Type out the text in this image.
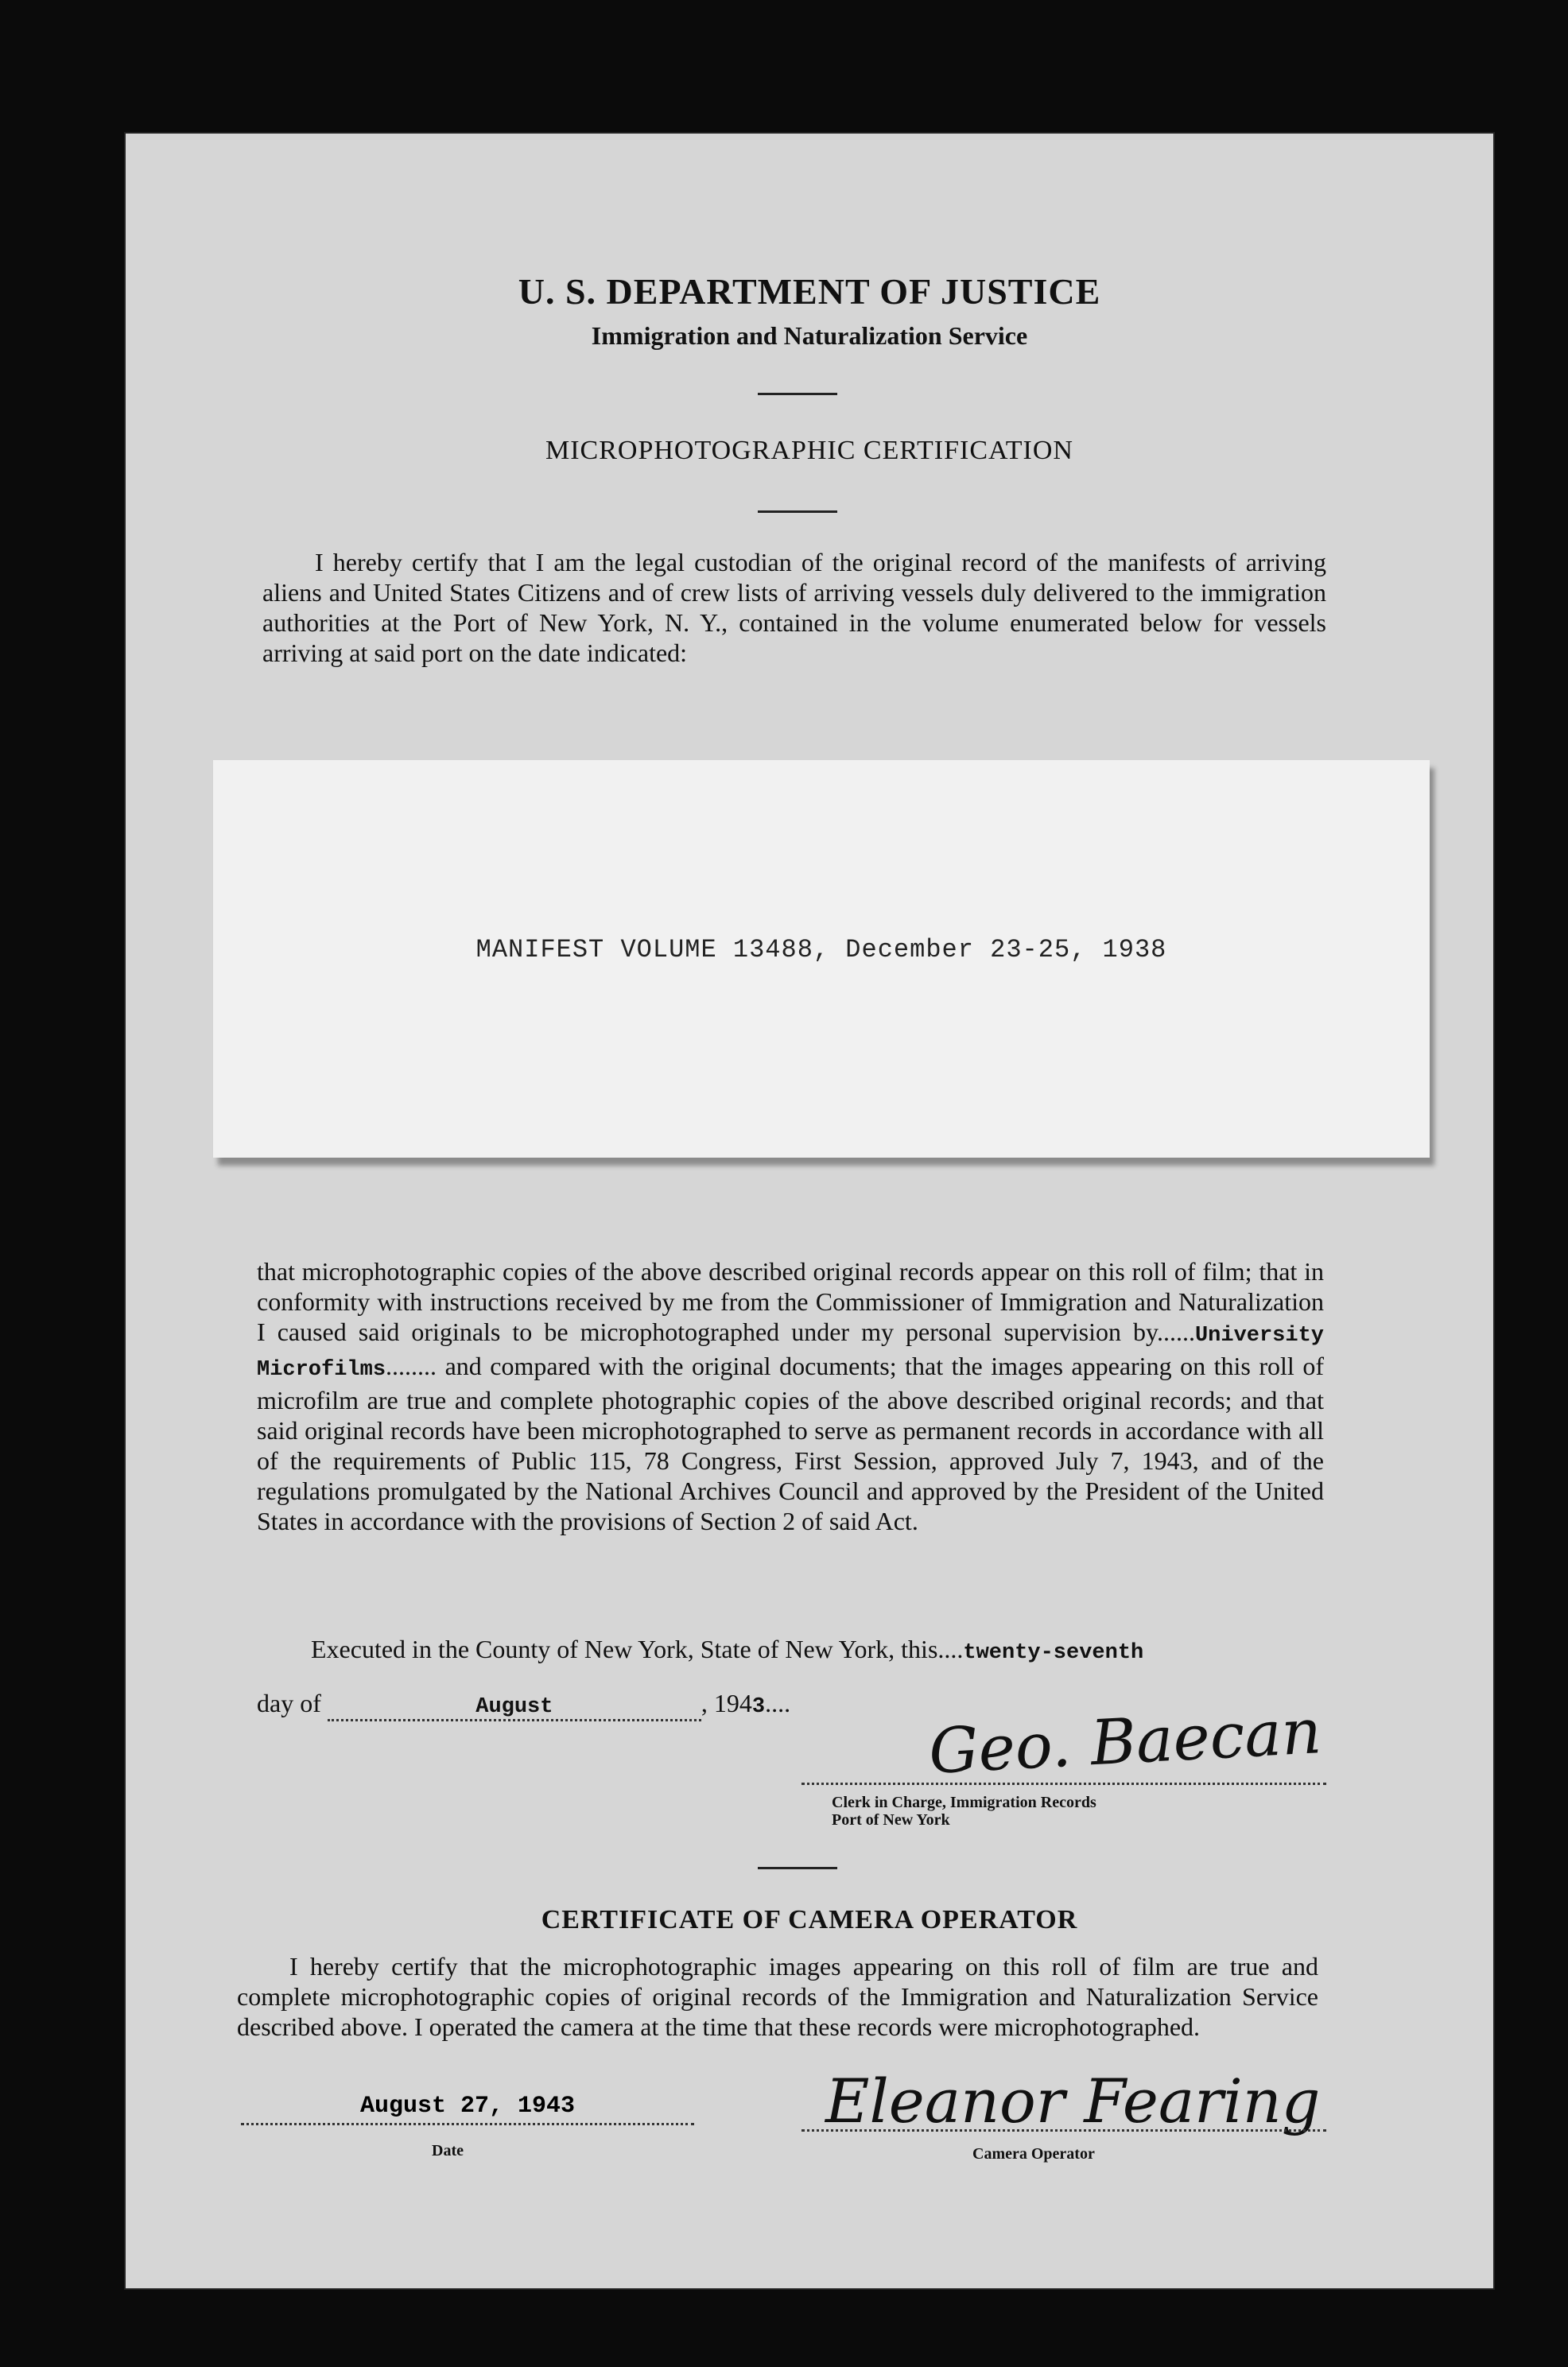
U. S. DEPARTMENT OF JUSTICE
Immigration and Naturalization Service
MICROPHOTOGRAPHIC CERTIFICATION
I hereby certify that I am the legal custodian of the original record of the manifests of arriving aliens and United States Citizens and of crew lists of arriving vessels duly delivered to the immigration authorities at the Port of New York, N. Y., contained in the volume enumerated below for vessels arriving at said port on the date indicated:
MANIFEST VOLUME 13488, December 23-25, 1938
that microphotographic copies of the above described original records appear on this roll of film; that in conformity with instructions received by me from the Commissioner of Immigration and Naturalization I caused said originals to be microphotographed under my personal supervision by......University Microfilms........ and compared with the original documents; that the images appearing on this roll of microfilm are true and complete photographic copies of the above described original records; and that said original records have been microphotographed to serve as permanent records in accordance with all of the requirements of Public 115, 78 Congress, First Session, approved July 7, 1943, and of the regulations promulgated by the National Archives Council and approved by the President of the United States in accordance with the provisions of Section 2 of said Act.
Executed in the County of New York, State of New York, this....twenty-seventh
day of	August	, 1943....	Geo. Baecan
Clerk in Charge, Immigration Records
Port of New York
CERTIFICATE OF CAMERA OPERATOR
I hereby certify that the microphotographic images appearing on this roll of film are true and complete microphotographic copies of original records of the Immigration and Naturalization Service described above. I operated the camera at the time that these records were microphotographed.
August 27, 1943
Date
Eleanor Fearing
Camera Operator
